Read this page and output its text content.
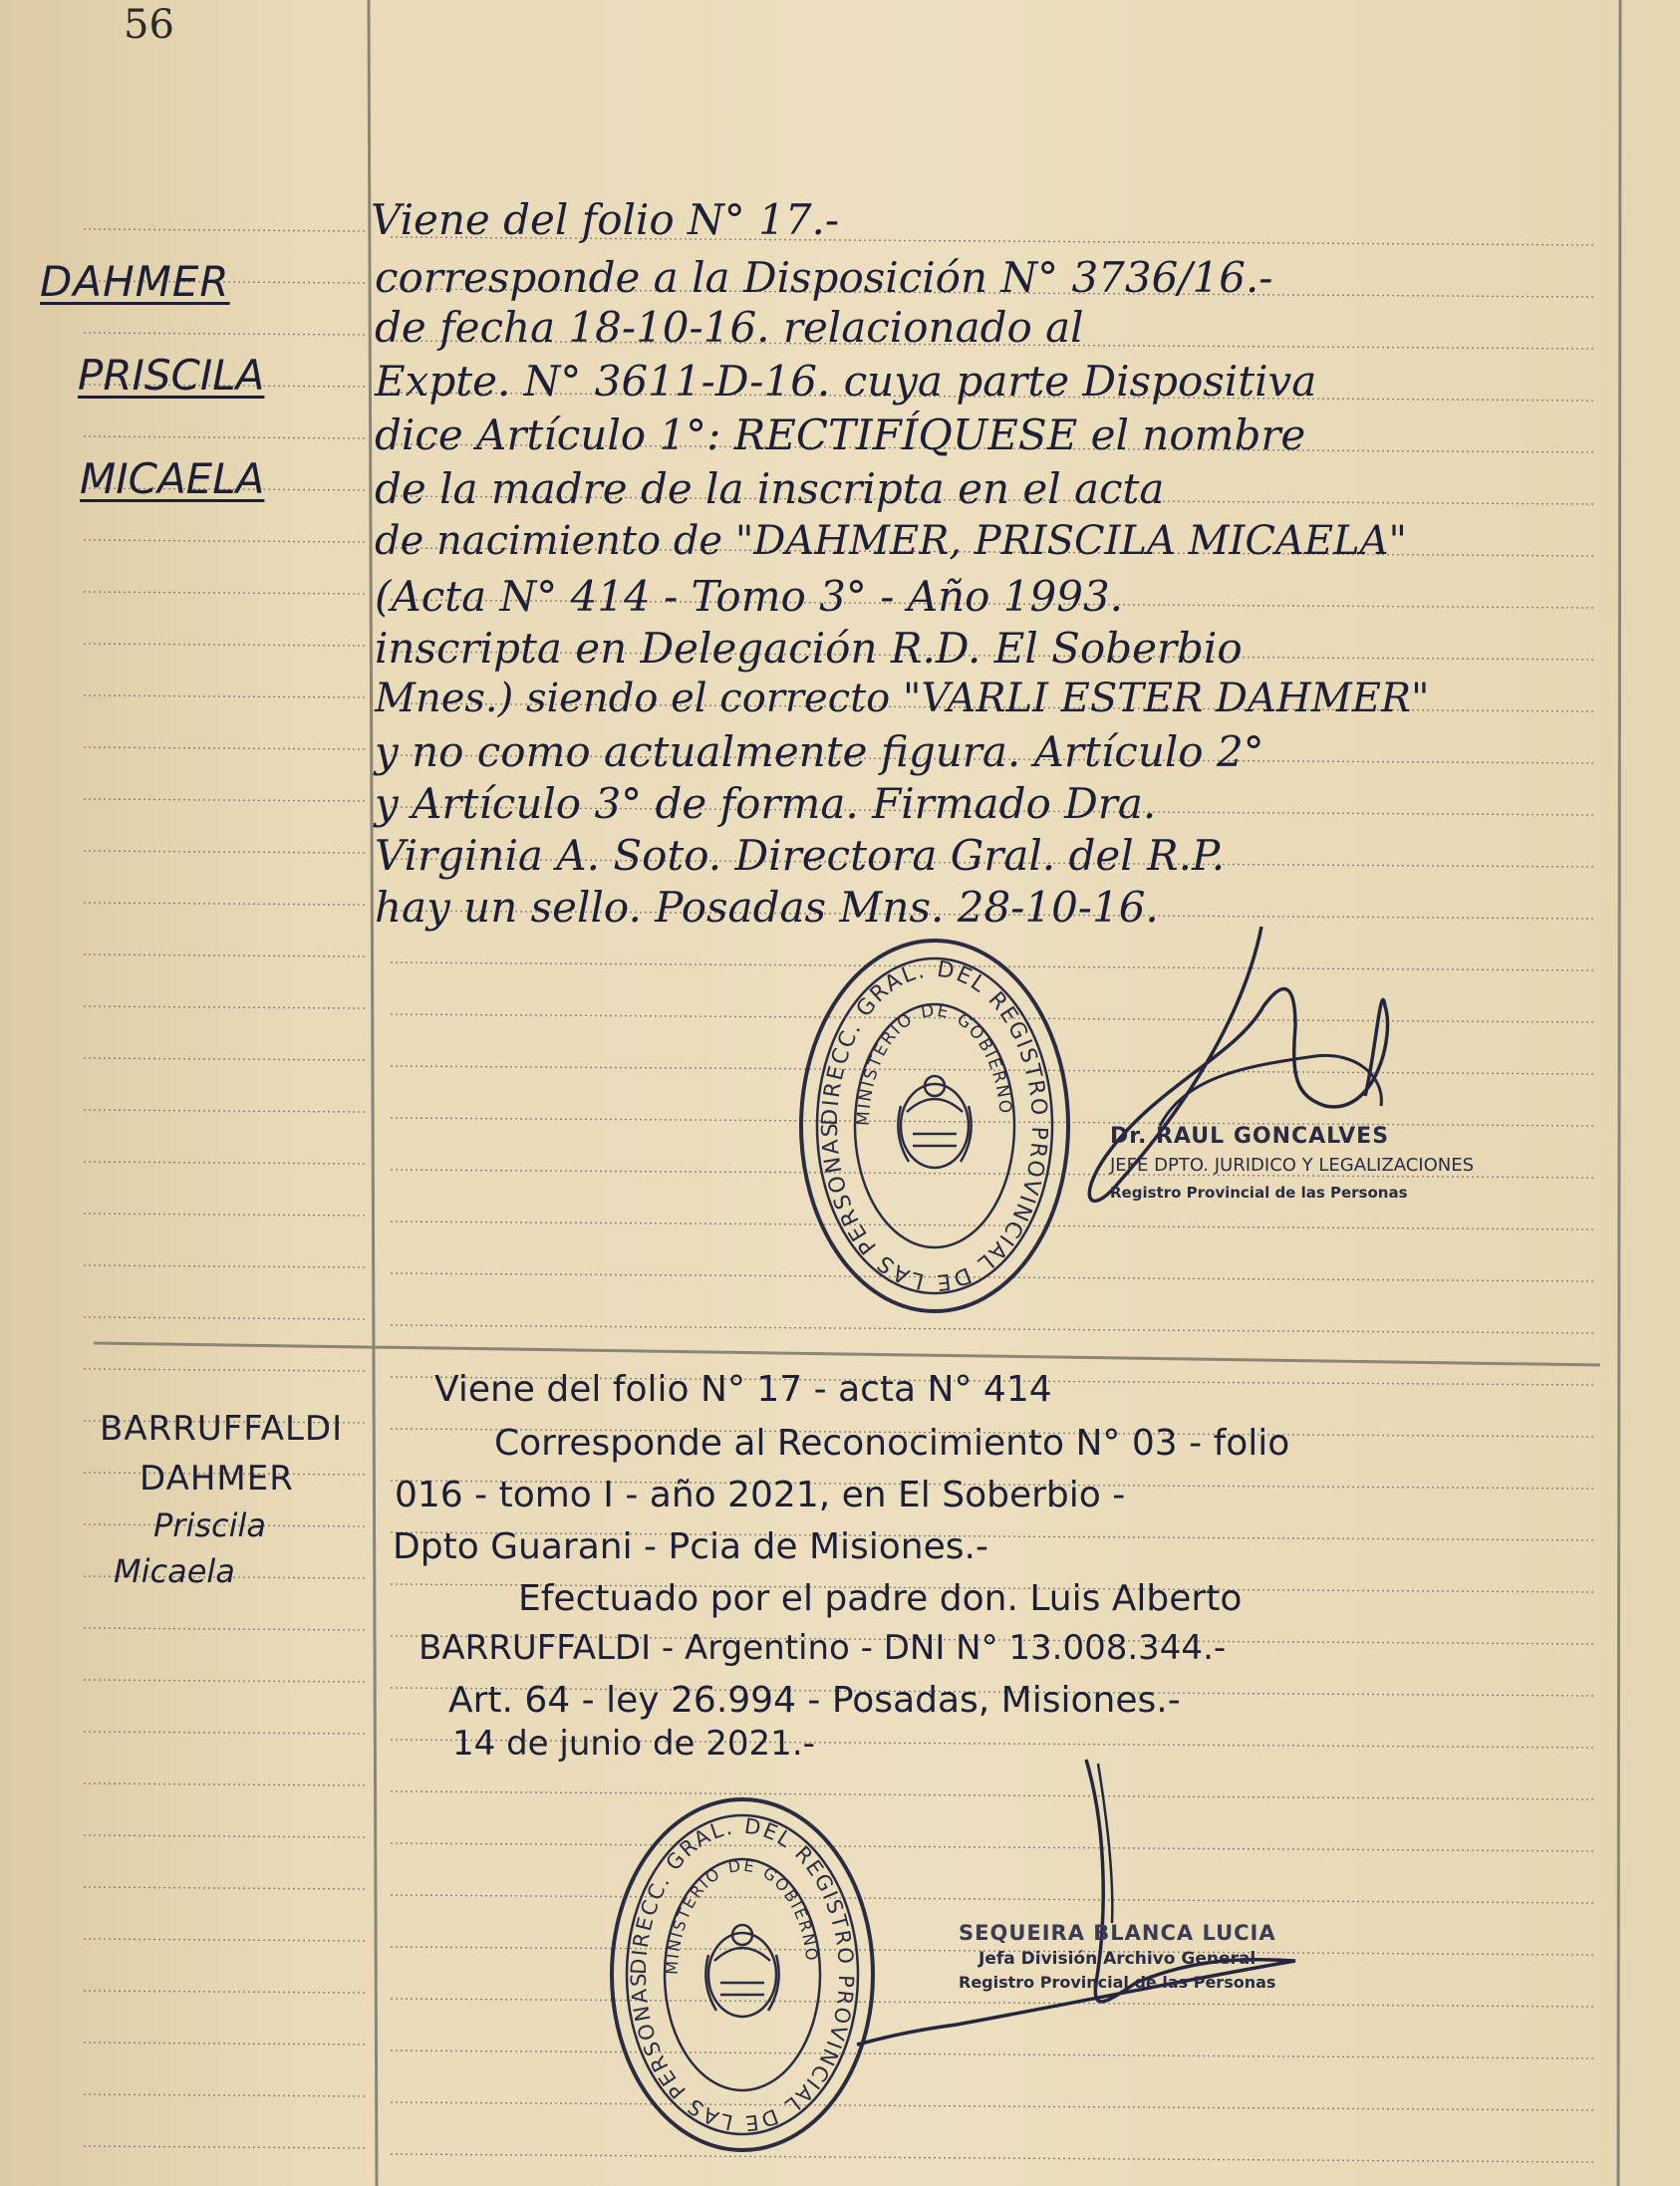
56
DAHMER
PRISCILA
MICAELA
Viene del folio N° 17.-
corresponde a la Disposición N° 3736/16.-
de fecha 18-10-16. relacionado al
Expte. N° 3611-D-16. cuya parte Dispositiva
dice Artículo 1°: RECTIFÍQUESE el nombre
de la madre de la inscripta en el acta
de nacimiento de "DAHMER, PRISCILA MICAELA"
(Acta N° 414 - Tomo 3° - Año 1993.
inscripta en Delegación R.D. El Soberbio
Mnes.) siendo el correcto "VARLI ESTER DAHMER"
y no como actualmente figura. Artículo 2°
y Artículo 3° de forma. Firmado Dra.
Virginia A. Soto. Directora Gral. del R.P.
hay un sello. Posadas Mns. 28-10-16.
DIRECC. GRAL. DEL REGISTRO PROVINCIAL DE LAS PERSONAS
MINISTERIO DE GOBIERNO
Dr. RAUL GONCALVES
JEFE DPTO. JURIDICO Y LEGALIZACIONES
Registro Provincial de las Personas
BARRUFFALDI
DAHMER
Priscila
Micaela
Viene del folio N° 17 - acta N° 414
Corresponde al Reconocimiento N° 03 - folio
016 - tomo I - año 2021, en El Soberbio -
Dpto Guarani - Pcia de Misiones.-
Efectuado por el padre don. Luis Alberto
BARRUFFALDI - Argentino - DNI N° 13.008.344.-
Art. 64 - ley 26.994 - Posadas, Misiones.-
14 de junio de 2021.-
DIRECC. GRAL. DEL REGISTRO PROVINCIAL DE LAS PERSONAS
MINISTERIO DE GOBIERNO
SEQUEIRA BLANCA LUCIA
Jefa División Archivo General
Registro Provincial de las Personas
